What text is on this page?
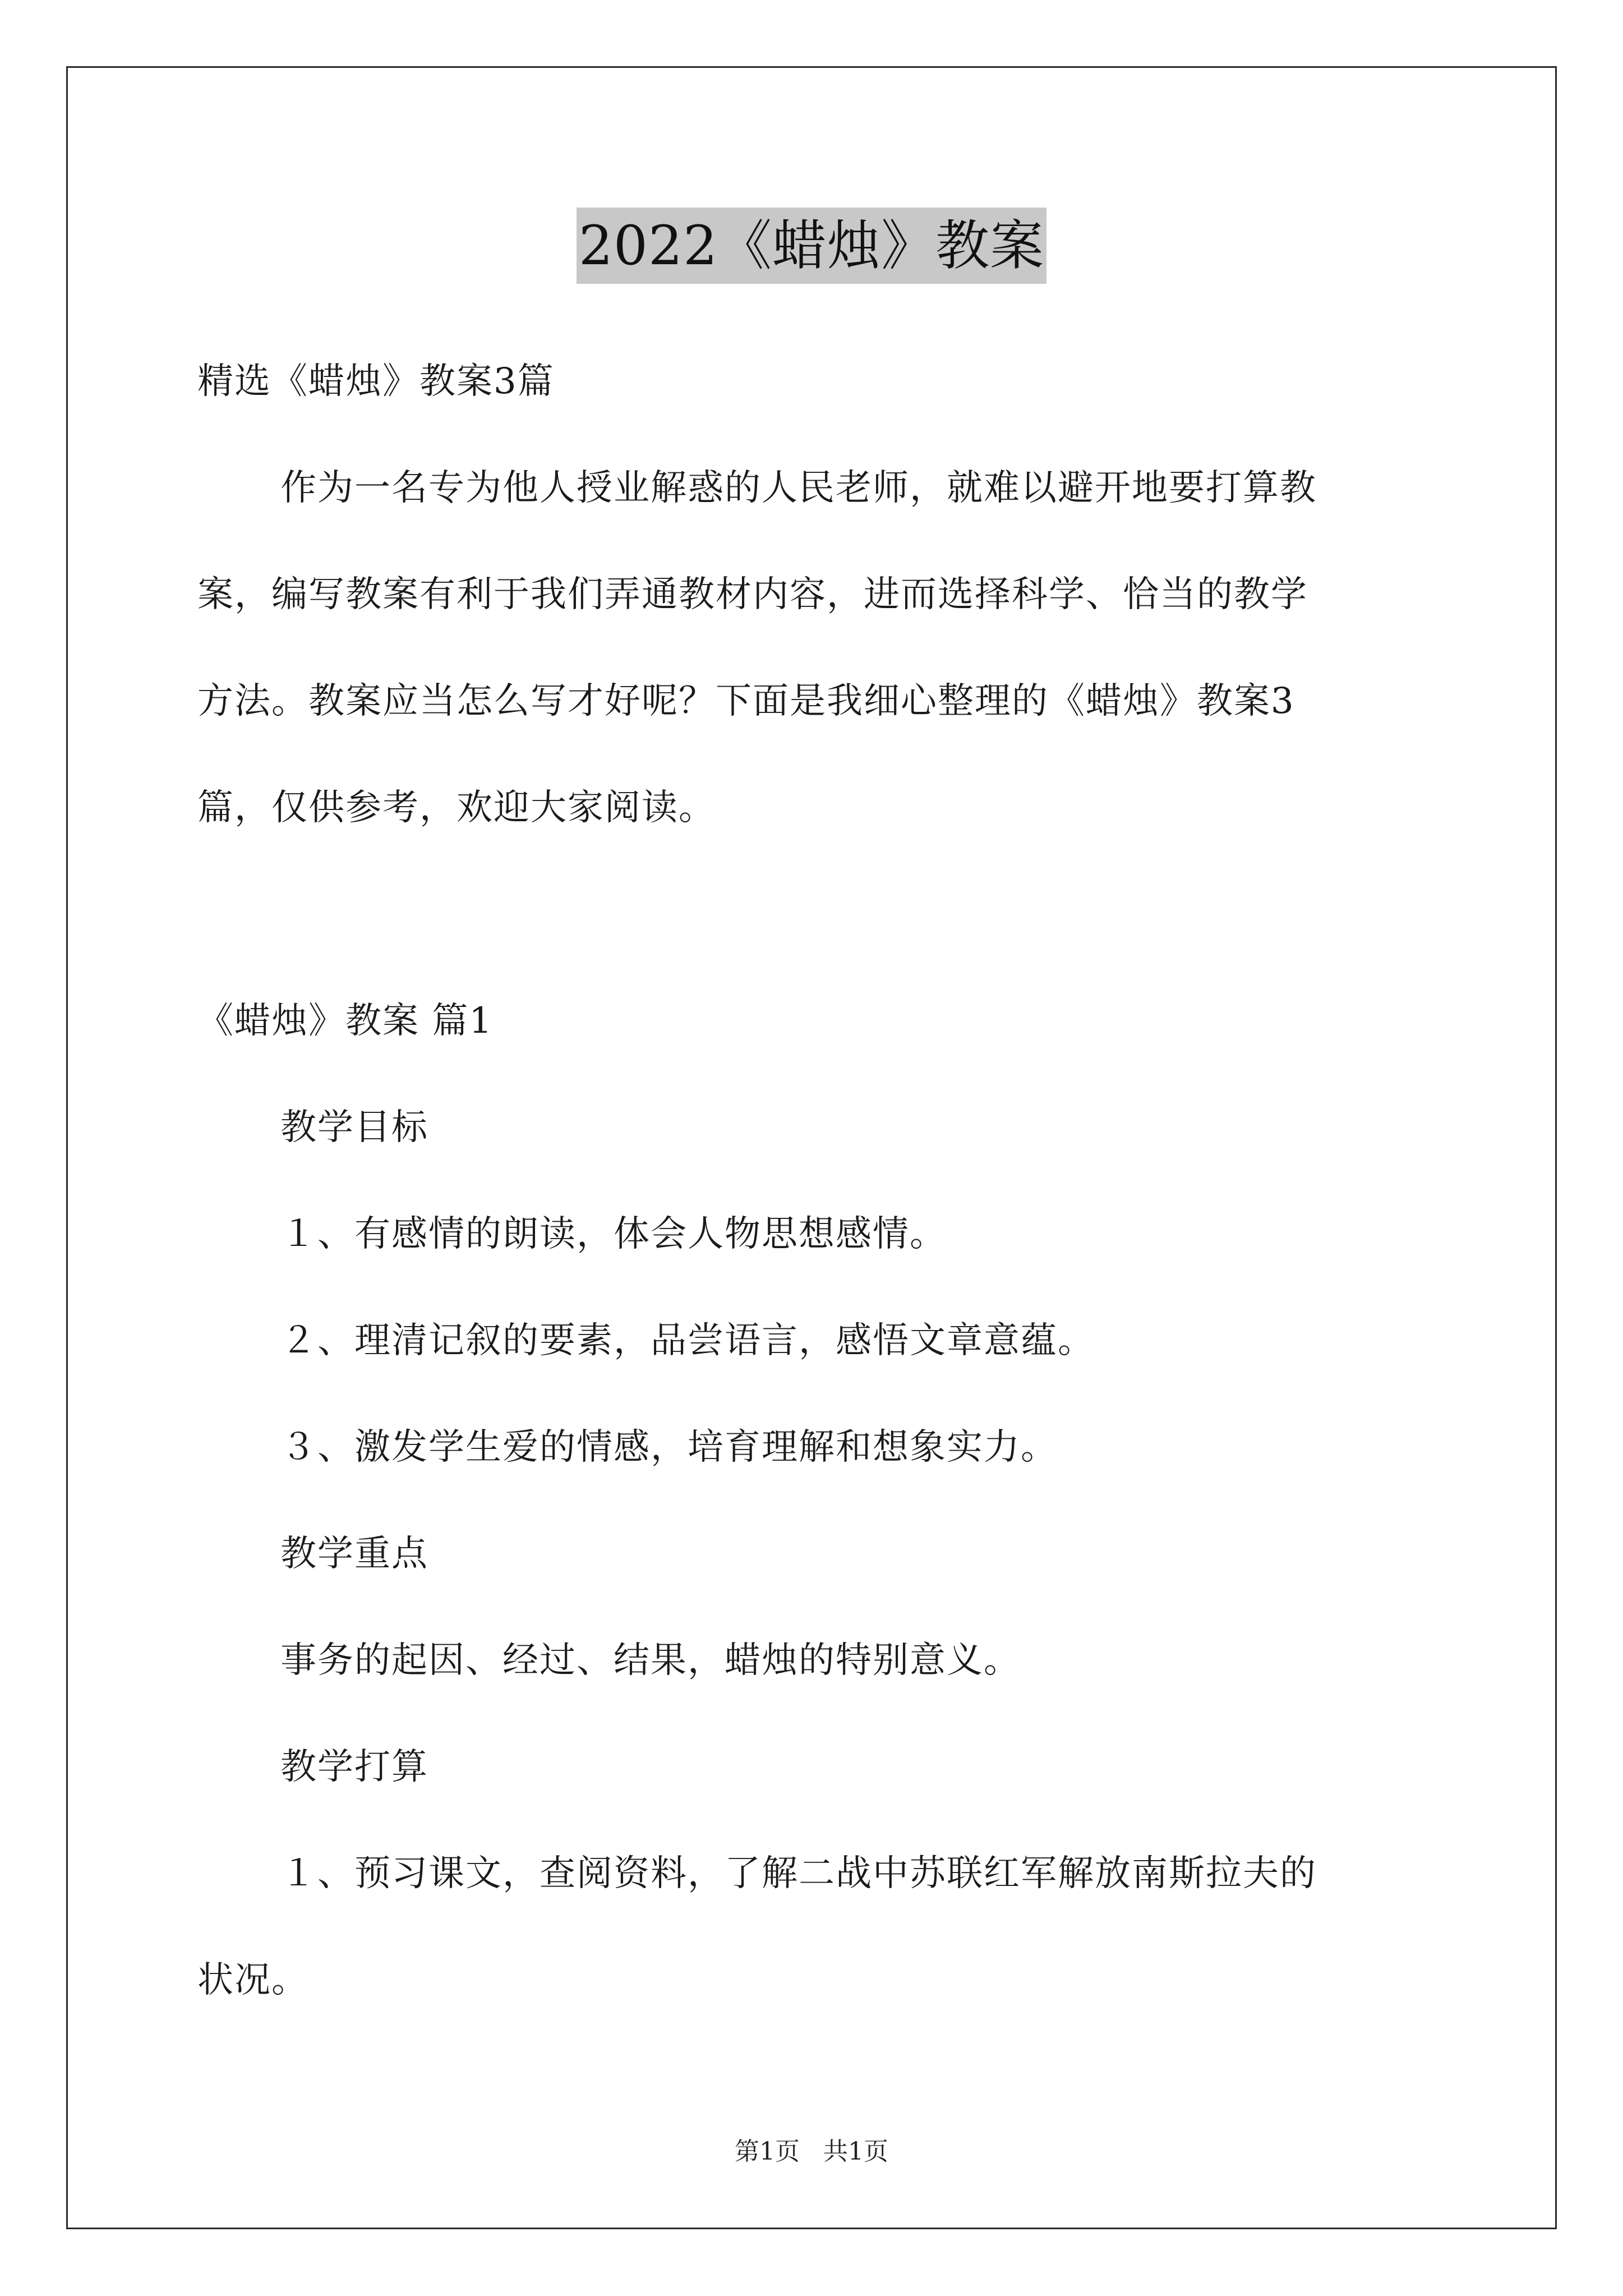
2022《蜡烛》教案
精选《蜡烛》教案3篇
作为一名专为他人授业解惑的人民老师，就难以避开地要打算教
案，编写教案有利于我们弄通教材内容，进而选择科学、恰当的教学
方法。教案应当怎么写才好呢？下面是我细心整理的《蜡烛》教案3
篇，仅供参考，欢迎大家阅读。
《蜡烛》教案 篇1
教学目标
１、有感情的朗读，体会人物思想感情。
２、理清记叙的要素，品尝语言，感悟文章意蕴。
３、激发学生爱的情感，培育理解和想象实力。
教学重点
事务的起因、经过、结果，蜡烛的特别意义。
教学打算
１、预习课文，查阅资料，了解二战中苏联红军解放南斯拉夫的
状况。
第1页 共1页
